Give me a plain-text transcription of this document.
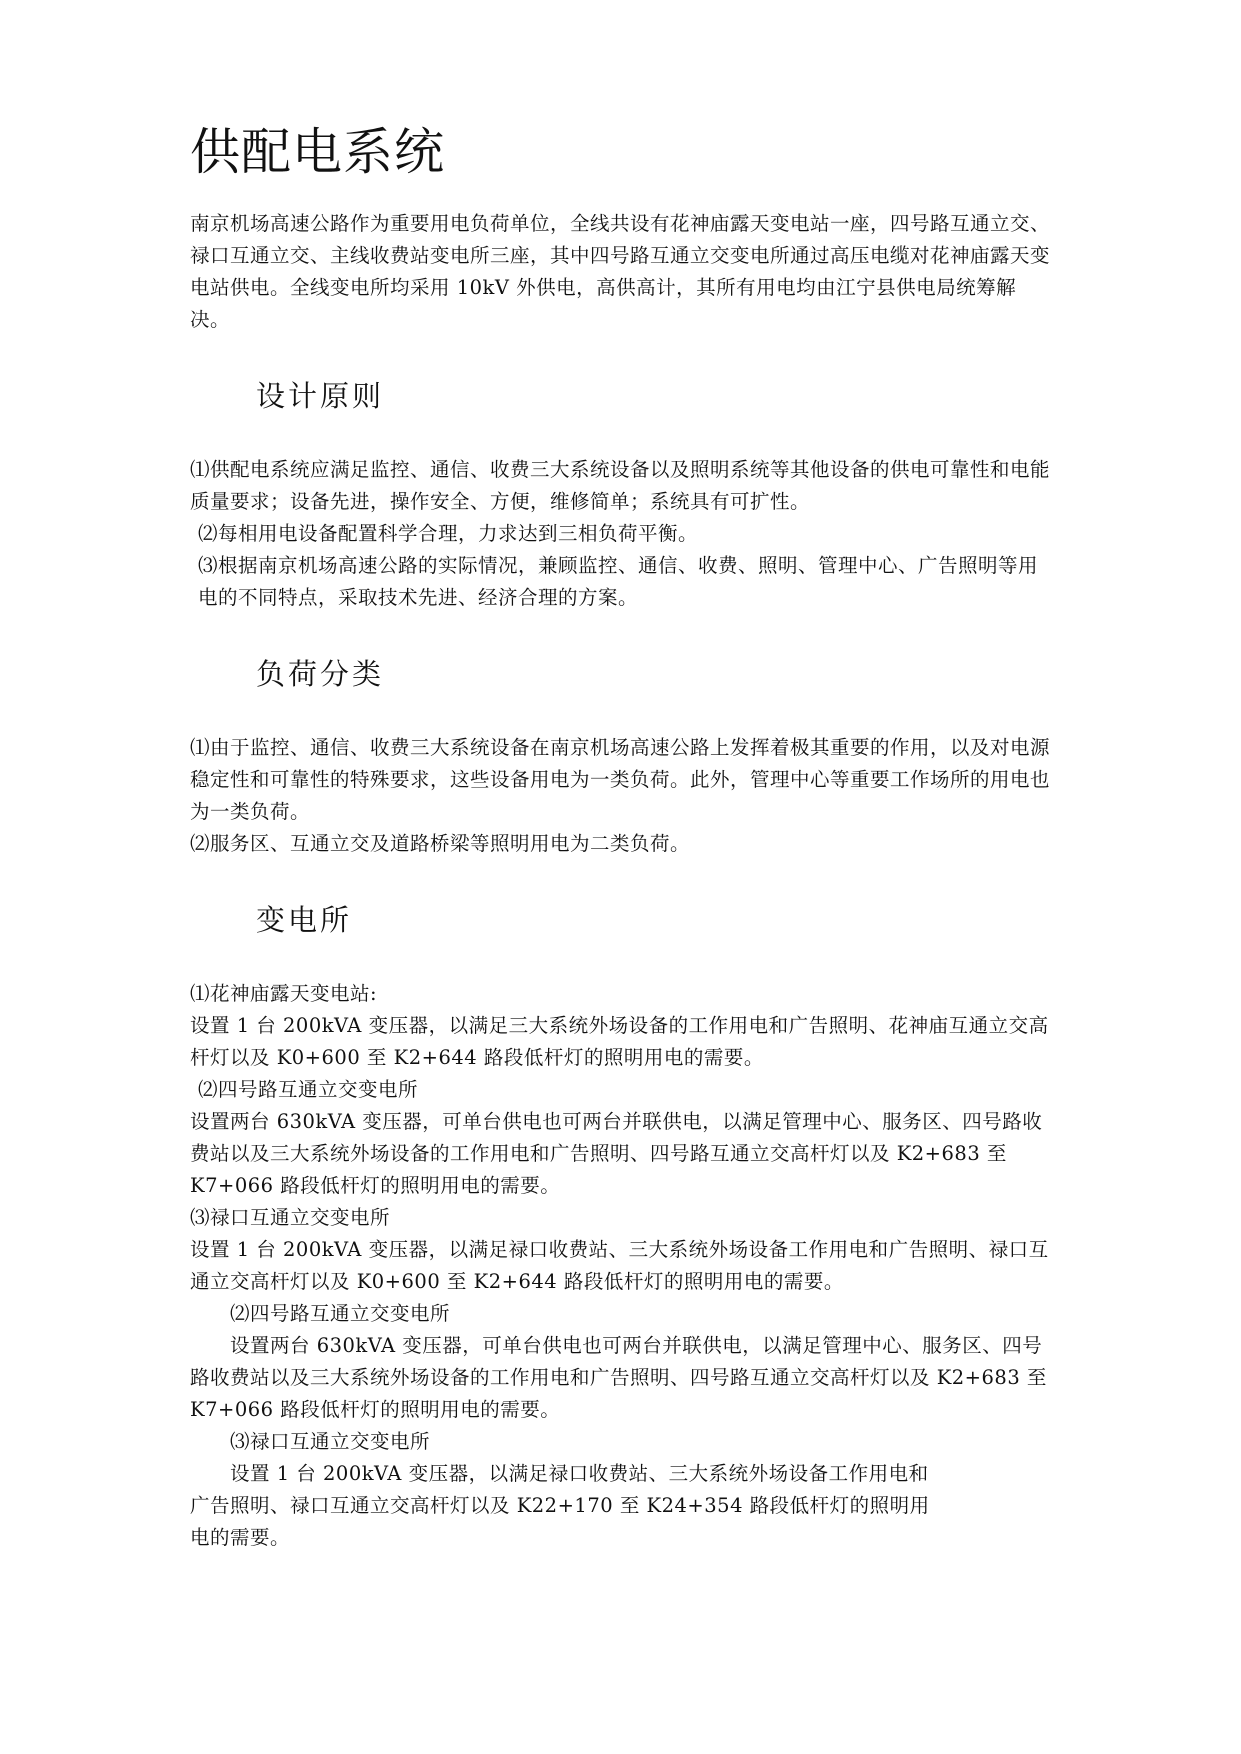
供配电系统

南京机场高速公路作为重要用电负荷单位，全线共设有花神庙露天变电站一座，四号路互通立交、禄口互通立交、主线收费站变电所三座，其中四号路互通立交变电所通过高压电缆对花神庙露天变电站供电。全线变电所均采用 10kV 外供电，高供高计，其所有用电均由江宁县供电局统筹解决。

设计原则

⑴供配电系统应满足监控、通信、收费三大系统设备以及照明系统等其他设备的供电可靠性和电能质量要求；设备先进，操作安全、方便，维修简单；系统具有可扩性。

⑵每相用电设备配置科学合理，力求达到三相负荷平衡。

⑶根据南京机场高速公路的实际情况，兼顾监控、通信、收费、照明、管理中心、广告照明等用电的不同特点，采取技术先进、经济合理的方案。

负荷分类

⑴由于监控、通信、收费三大系统设备在南京机场高速公路上发挥着极其重要的作用，以及对电源稳定性和可靠性的特殊要求，这些设备用电为一类负荷。此外，管理中心等重要工作场所的用电也为一类负荷。

⑵服务区、互通立交及道路桥梁等照明用电为二类负荷。

变电所

⑴花神庙露天变电站:

设置 1 台 200kVA 变压器，以满足三大系统外场设备的工作用电和广告照明、花神庙互通立交高杆灯以及 K0+600 至 K2+644 路段低杆灯的照明用电的需要。

⑵四号路互通立交变电所

设置两台 630kVA 变压器，可单台供电也可两台并联供电，以满足管理中心、服务区、四号路收费站以及三大系统外场设备的工作用电和广告照明、四号路互通立交高杆灯以及 K2+683 至 K7+066 路段低杆灯的照明用电的需要。

⑶禄口互通立交变电所

设置 1 台 200kVA 变压器，以满足禄口收费站、三大系统外场设备工作用电和广告照明、禄口互通立交高杆灯以及 K0+600 至 K2+644 路段低杆灯的照明用电的需要。

⑵四号路互通立交变电所

设置两台 630kVA 变压器，可单台供电也可两台并联供电，以满足管理中心、服务区、四号路收费站以及三大系统外场设备的工作用电和广告照明、四号路互通立交高杆灯以及 K2+683 至 K7+066 路段低杆灯的照明用电的需要。

⑶禄口互通立交变电所

设置 1 台 200kVA 变压器，以满足禄口收费站、三大系统外场设备工作用电和广告照明、禄口互通立交高杆灯以及 K22+170 至 K24+354 路段低杆灯的照明用电的需要。
